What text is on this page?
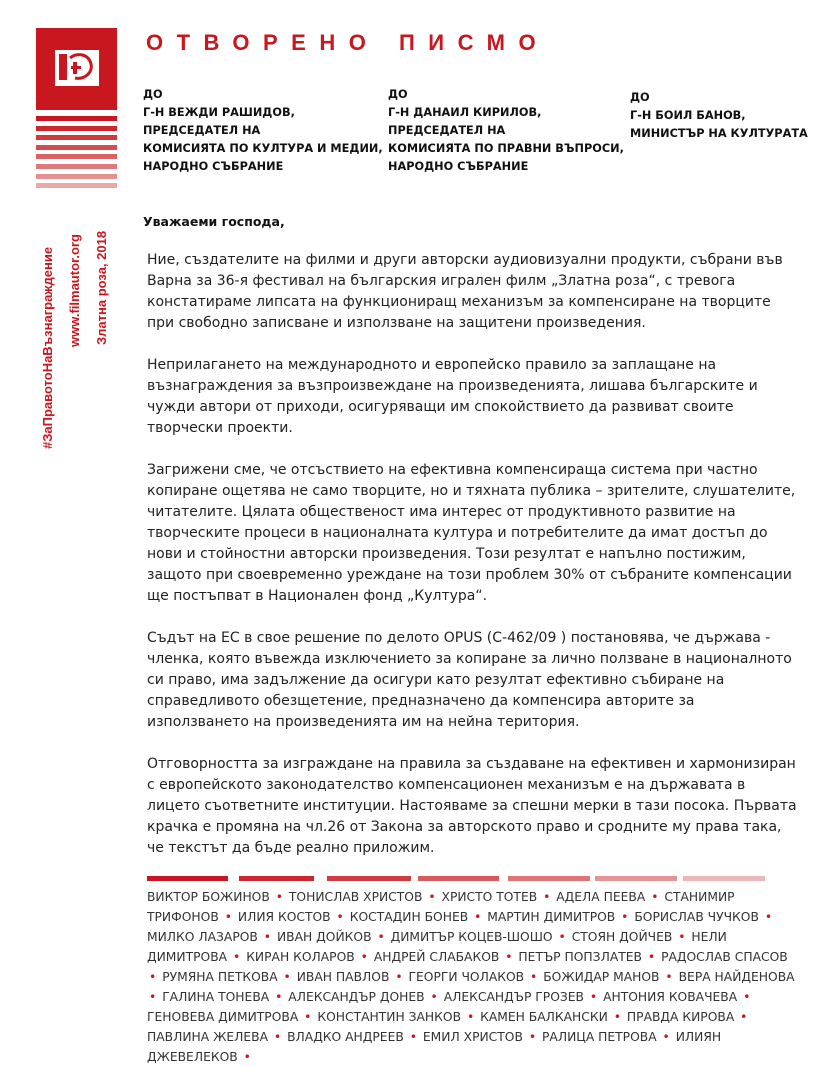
#ЗаПравотоНаВъзнаграждение www.filmautor.org Златна роза, 2018
ОТВОРЕНО ПИСМО
ДО
Г-Н ВЕЖДИ РАШИДОВ,
ПРЕДСЕДАТЕЛ НА
КОМИСИЯТА ПО КУЛТУРА И МЕДИИ,
НАРОДНО СЪБРАНИЕ
ДО
Г-Н ДАНАИЛ КИРИЛОВ,
ПРЕДСЕДАТЕЛ НА
КОМИСИЯТА ПО ПРАВНИ ВЪПРОСИ,
НАРОДНО СЪБРАНИЕ
ДО
Г-Н БОИЛ БАНОВ,
МИНИСТЪР НА КУЛТУРАТА
Уважаеми господа,

Ние, създателите на филми и други авторски аудиовизуални продукти, събрани във Варна за 36-я фестивал на българския игрален филм „Златна роза“, с тревога констатираме липсата на функциониращ механизъм за компенсиране на творците при свободно записване и използване на защитени произведения.

Неприлагането на международното и европейско правило за заплащане на възнаграждения за възпроизвеждане на произведенията, лишава българските и чужди автори от приходи, осигуряващи им спокойствието да развиват своите творчески проекти.

Загрижени сме, че отсъствието на ефективна компенсираща система при частно копиране ощетява не само творците, но и тяхната публика – зрителите, слушателите, читателите. Цялата общественост има интерес от продуктивното развитие на творческите процеси в националната култура и потребителите да имат достъп до нови и стойностни авторски произведения. Този резултат е напълно постижим, защото при своевременно уреждане на този проблем 30% от събраните компенсации ще постъпват в Национален фонд „Култура“.

Съдът на ЕС в свое решение по делото OPUS (С-462/09 ) постановява, че държава - членка, която въвежда изключението за копиране за лично ползване в националното си право, има задължение да осигури като резултат ефективно събиране на справедливото обезщетение, предназначено да компенсира авторите за използването на произведенията им на нейна територия.

Отговорността за изграждане на правила за създаване на ефективен и хармонизиран с европейското законодателство компенсационен механизъм е на държавата в лицето съответните институции. Настояваме за спешни мерки в тази посока. Първата крачка е промяна на чл.26 от Закона за авторското право и сродните му права така, че текстът да бъде реално приложим.

ВИКТОР БОЖИНОВ • ТОНИСЛАВ ХРИСТОВ • ХРИСТО ТОТЕВ • АДЕЛА ПЕЕВА • СТАНИМИР ТРИФОНОВ • ИЛИЯ КОСТОВ • КОСТАДИН БОНЕВ • МАРТИН ДИМИТРОВ • БОРИСЛАВ ЧУЧКОВ • МИЛКО ЛАЗАРОВ • ИВАН ДОЙКОВ • ДИМИТЪР КОЦЕВ-ШОШО • СТОЯН ДОЙЧЕВ • НЕЛИ ДИМИТРОВА • КИРАН КОЛАРОВ • АНДРЕЙ СЛАБАКОВ • ПЕТЪР ПОПЗЛАТЕВ • РАДОСЛАВ СПАСОВ • РУМЯНА ПЕТКОВА • ИВАН ПАВЛОВ • ГЕОРГИ ЧОЛАКОВ • БОЖИДАР МАНОВ • ВЕРА НАЙДЕНОВА • ГАЛИНА ТОНЕВА • АЛЕКСАНДЪР ДОНЕВ • АЛЕКСАНДЪР ГРОЗЕВ • АНТОНИЯ КОВАЧЕВА • ГЕНОВЕВА ДИМИТРОВА • КОНСТАНТИН ЗАНКОВ • КАМЕН БАЛКАНСКИ • ПРАВДА КИРОВА • ПАВЛИНА ЖЕЛЕВА • ВЛАДКО АНДРЕЕВ • ЕМИЛ ХРИСТОВ • РАЛИЦА ПЕТРОВА • ИЛИЯН ДЖЕВЕЛЕКОВ •
